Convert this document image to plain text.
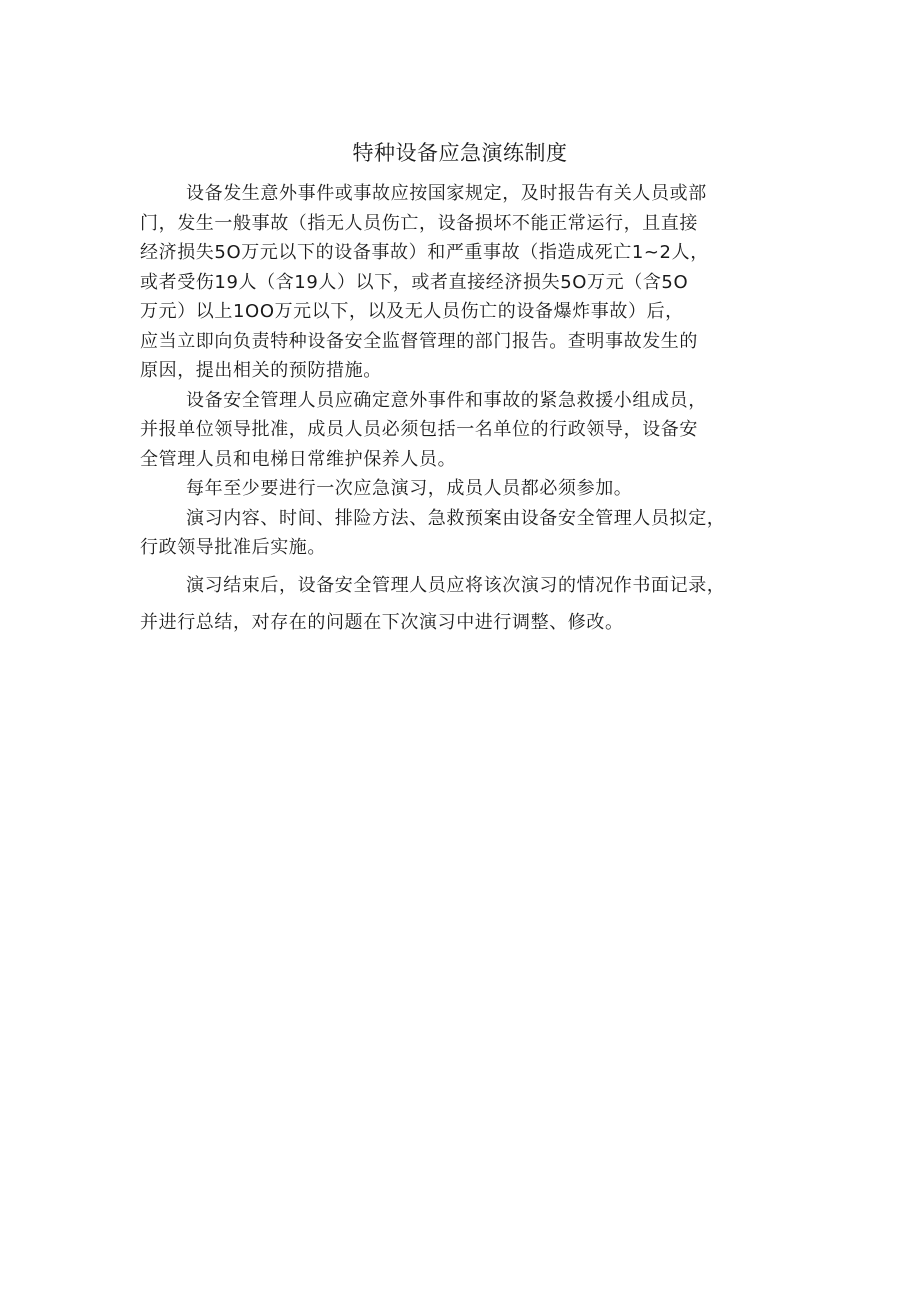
特种设备应急演练制度
设备发生意外事件或事故应按国家规定，及时报告有关人员或部
门，发生一般事故（指无人员伤亡，设备损坏不能正常运行，且直接
经济损失5O万元以下的设备事故）和严重事故（指造成死亡1~2人，
或者受伤19人（含19人）以下，或者直接经济损失5O万元（含5O
万元）以上1OO万元以下，以及无人员伤亡的设备爆炸事故）后，
应当立即向负责特种设备安全监督管理的部门报告。查明事故发生的
原因，提出相关的预防措施。
设备安全管理人员应确定意外事件和事故的紧急救援小组成员，
并报单位领导批准，成员人员必须包括一名单位的行政领导，设备安
全管理人员和电梯日常维护保养人员。
每年至少要进行一次应急演习，成员人员都必须参加。
演习内容、时间、排险方法、急救预案由设备安全管理人员拟定，
行政领导批准后实施。
演习结束后，设备安全管理人员应将该次演习的情况作书面记录，
并进行总结，对存在的问题在下次演习中进行调整、修改。
